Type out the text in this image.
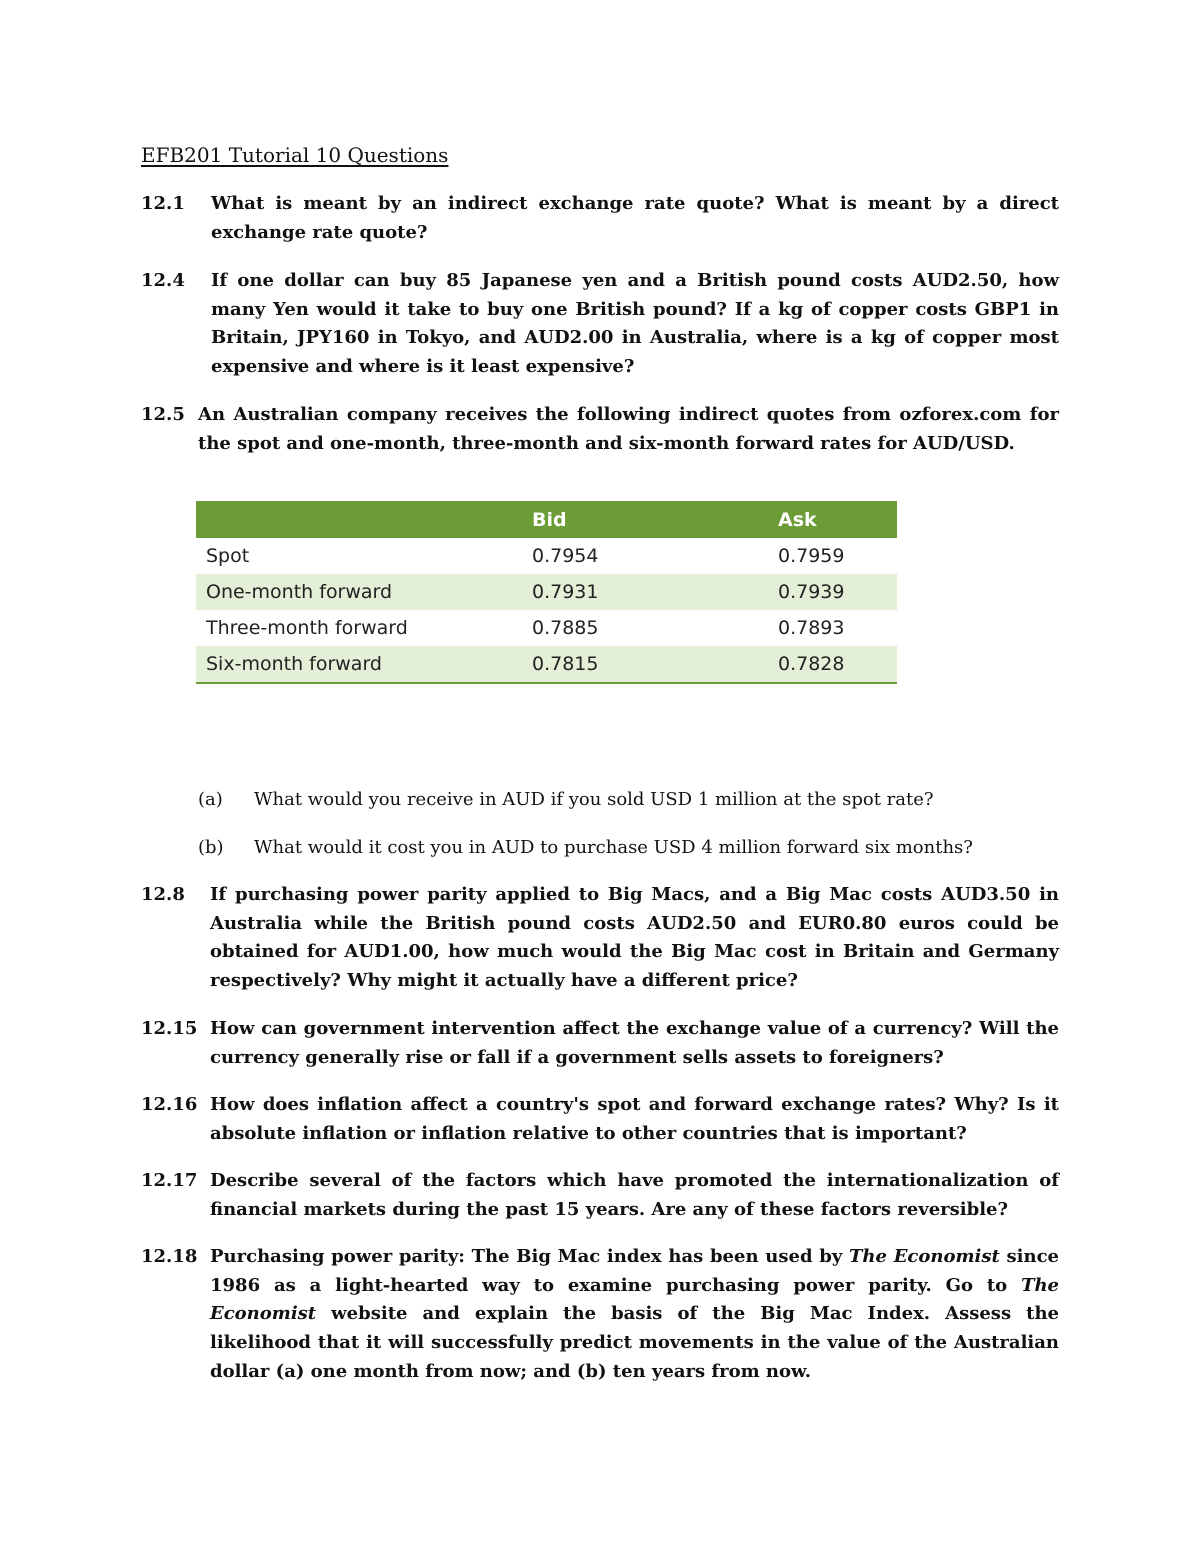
EFB201 Tutorial 10 Questions
12.1 What is meant by an indirect exchange rate quote? What is meant by a direct exchange rate quote?
12.4 If one dollar can buy 85 Japanese yen and a British pound costs AUD2.50, how many Yen would it take to buy one British pound? If a kg of copper costs GBP1 in Britain, JPY160 in Tokyo, and AUD2.00 in Australia, where is a kg of copper most expensive and where is it least expensive?
12.5 An Australian company receives the following indirect quotes from ozforex.com for the spot and one-month, three-month and six-month forward rates for AUD/USD.
	Bid	Ask
Spot	0.7954	0.7959
One-month forward	0.7931	0.7939
Three-month forward	0.7885	0.7893
Six-month forward	0.7815	0.7828
(a) What would you receive in AUD if you sold USD 1 million at the spot rate?
(b) What would it cost you in AUD to purchase USD 4 million forward six months?
12.8 If purchasing power parity applied to Big Macs, and a Big Mac costs AUD3.50 in Australia while the British pound costs AUD2.50 and EUR0.80 euros could be obtained for AUD1.00, how much would the Big Mac cost in Britain and Germany respectively? Why might it actually have a different price?
12.15 How can government intervention affect the exchange value of a currency? Will the currency generally rise or fall if a government sells assets to foreigners?
12.16 How does inflation affect a country's spot and forward exchange rates? Why? Is it absolute inflation or inflation relative to other countries that is important?
12.17 Describe several of the factors which have promoted the internationalization of financial markets during the past 15 years. Are any of these factors reversible?
12.18 Purchasing power parity: The Big Mac index has been used by The Economist since 1986 as a light-hearted way to examine purchasing power parity. Go to The Economist website and explain the basis of the Big Mac Index. Assess the likelihood that it will successfully predict movements in the value of the Australian dollar (a) one month from now; and (b) ten years from now.
